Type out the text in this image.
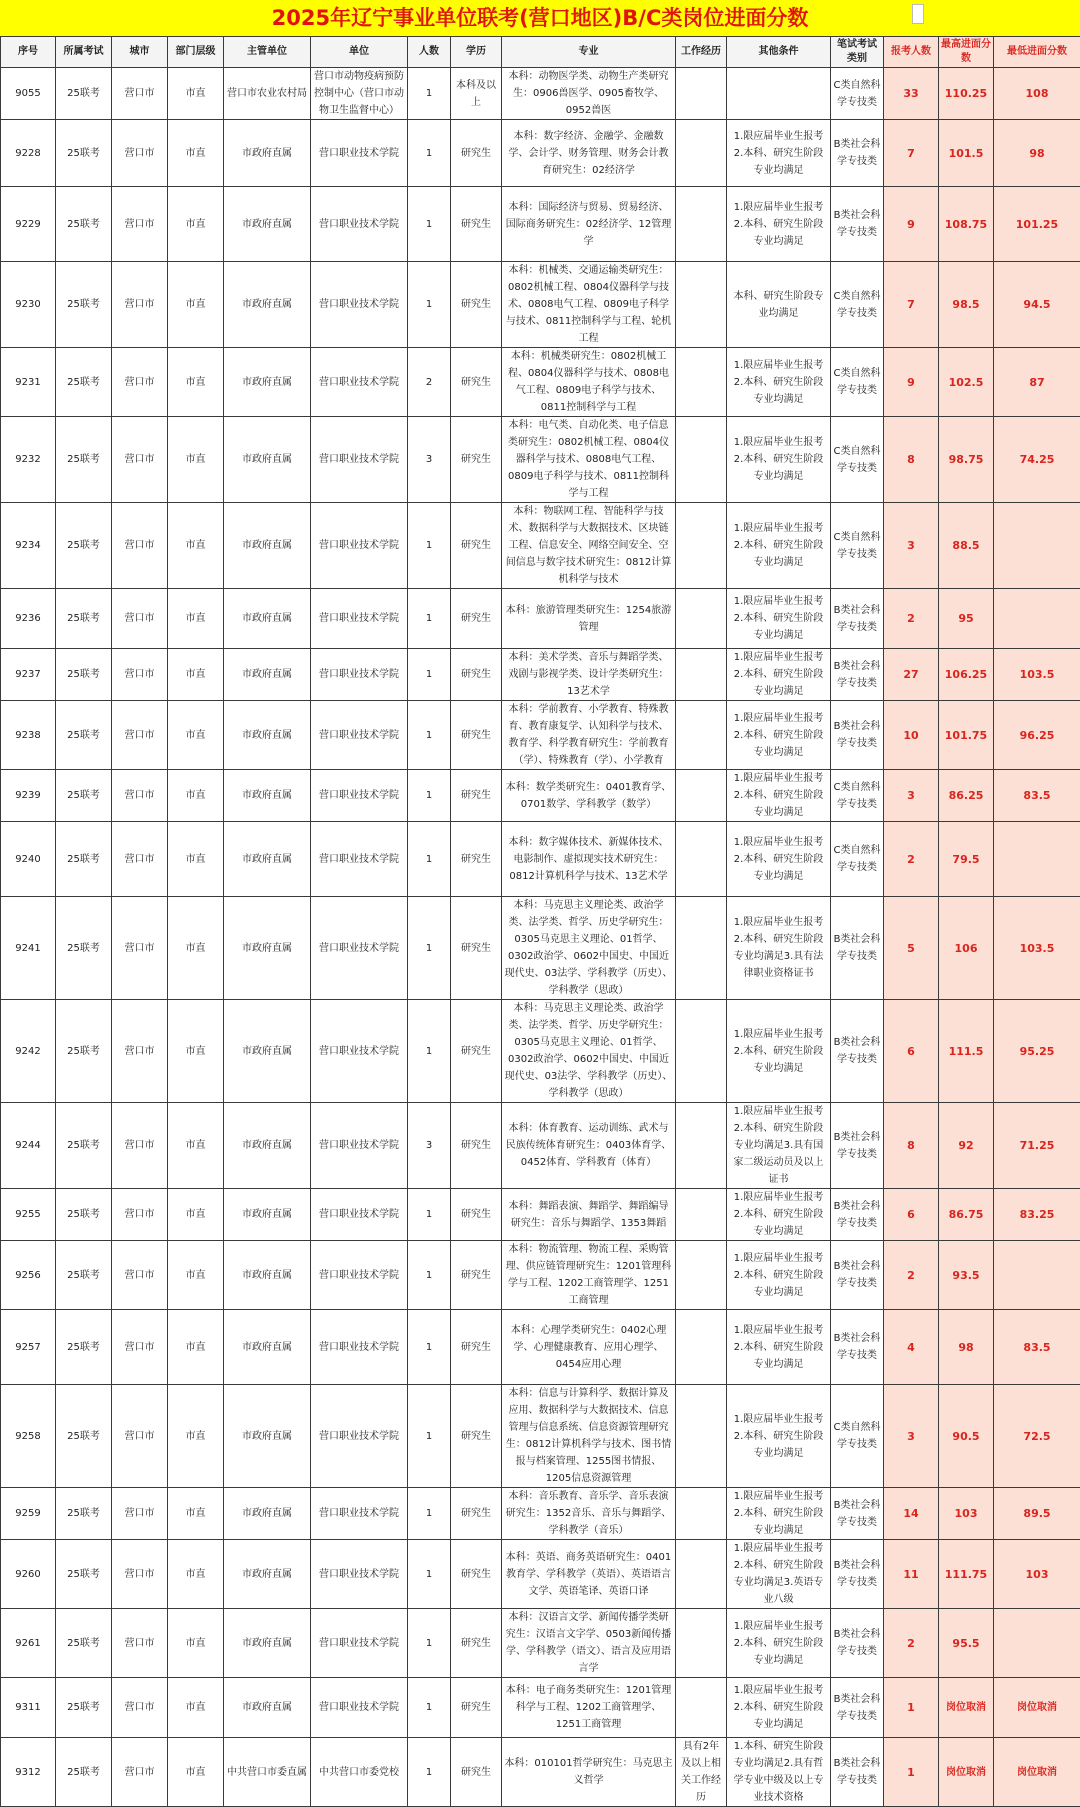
2025年辽宁事业单位联考(营口地区)B/C类岗位进面分数
序号	所属考试	城市	部门层级	主管单位	单位	人数	学历	专业	工作经历	其他条件	笔试考试类别	报考人数	最高进面分数	最低进面分数
9055	25联考	营口市	市直	营口市农业农村局	营口市动物疫病预防控制中心（营口市动物卫生监督中心）	1	本科及以上	本科：动物医学类、动物生产类研究生：0906兽医学、0905畜牧学、0952兽医			C类自然科学专技类	33	110.25	108
9228	25联考	营口市	市直	市政府直属	营口职业技术学院	1	研究生	本科：数字经济、金融学、金融数学、会计学、财务管理、财务会计教育研究生：02经济学		1.限应届毕业生报考2.本科、研究生阶段专业均满足	B类社会科学专技类	7	101.5	98
9229	25联考	营口市	市直	市政府直属	营口职业技术学院	1	研究生	本科：国际经济与贸易、贸易经济、国际商务研究生：02经济学、12管理学		1.限应届毕业生报考2.本科、研究生阶段专业均满足	B类社会科学专技类	9	108.75	101.25
9230	25联考	营口市	市直	市政府直属	营口职业技术学院	1	研究生	本科：机械类、交通运输类研究生：0802机械工程、0804仪器科学与技术、0808电气工程、0809电子科学与技术、0811控制科学与工程、轮机工程		本科、研究生阶段专业均满足	C类自然科学专技类	7	98.5	94.5
9231	25联考	营口市	市直	市政府直属	营口职业技术学院	2	研究生	本科：机械类研究生：0802机械工程、0804仪器科学与技术、0808电气工程、0809电子科学与技术、0811控制科学与工程		1.限应届毕业生报考2.本科、研究生阶段专业均满足	C类自然科学专技类	9	102.5	87
9232	25联考	营口市	市直	市政府直属	营口职业技术学院	3	研究生	本科：电气类、自动化类、电子信息类研究生：0802机械工程、0804仪器科学与技术、0808电气工程、0809电子科学与技术、0811控制科学与工程		1.限应届毕业生报考2.本科、研究生阶段专业均满足	C类自然科学专技类	8	98.75	74.25
9234	25联考	营口市	市直	市政府直属	营口职业技术学院	1	研究生	本科：物联网工程、智能科学与技术、数据科学与大数据技术、区块链工程、信息安全、网络空间安全、空间信息与数字技术研究生：0812计算机科学与技术		1.限应届毕业生报考2.本科、研究生阶段专业均满足	C类自然科学专技类	3	88.5	
9236	25联考	营口市	市直	市政府直属	营口职业技术学院	1	研究生	本科：旅游管理类研究生：1254旅游管理		1.限应届毕业生报考2.本科、研究生阶段专业均满足	B类社会科学专技类	2	95	
9237	25联考	营口市	市直	市政府直属	营口职业技术学院	1	研究生	本科：美术学类、音乐与舞蹈学类、戏剧与影视学类、设计学类研究生：13艺术学		1.限应届毕业生报考2.本科、研究生阶段专业均满足	B类社会科学专技类	27	106.25	103.5
9238	25联考	营口市	市直	市政府直属	营口职业技术学院	1	研究生	本科：学前教育、小学教育、特殊教育、教育康复学、认知科学与技术、教育学、科学教育研究生：学前教育（学）、特殊教育（学）、小学教育		1.限应届毕业生报考2.本科、研究生阶段专业均满足	B类社会科学专技类	10	101.75	96.25
9239	25联考	营口市	市直	市政府直属	营口职业技术学院	1	研究生	本科：数学类研究生：0401教育学、0701数学、学科教学（数学）		1.限应届毕业生报考2.本科、研究生阶段专业均满足	C类自然科学专技类	3	86.25	83.5
9240	25联考	营口市	市直	市政府直属	营口职业技术学院	1	研究生	本科：数字媒体技术、新媒体技术、电影制作、虚拟现实技术研究生：0812计算机科学与技术、13艺术学		1.限应届毕业生报考2.本科、研究生阶段专业均满足	C类自然科学专技类	2	79.5	
9241	25联考	营口市	市直	市政府直属	营口职业技术学院	1	研究生	本科：马克思主义理论类、政治学类、法学类、哲学、历史学研究生：0305马克思主义理论、01哲学、0302政治学、0602中国史、中国近现代史、03法学、学科教学（历史）、学科教学（思政）		1.限应届毕业生报考2.本科、研究生阶段专业均满足3.具有法律职业资格证书	B类社会科学专技类	5	106	103.5
9242	25联考	营口市	市直	市政府直属	营口职业技术学院	1	研究生	本科：马克思主义理论类、政治学类、法学类、哲学、历史学研究生：0305马克思主义理论、01哲学、0302政治学、0602中国史、中国近现代史、03法学、学科教学（历史）、学科教学（思政）		1.限应届毕业生报考2.本科、研究生阶段专业均满足	B类社会科学专技类	6	111.5	95.25
9244	25联考	营口市	市直	市政府直属	营口职业技术学院	3	研究生	本科：体育教育、运动训练、武术与民族传统体育研究生：0403体育学、0452体育、学科教育（体育）		1.限应届毕业生报考2.本科、研究生阶段专业均满足3.具有国家二级运动员及以上证书	B类社会科学专技类	8	92	71.25
9255	25联考	营口市	市直	市政府直属	营口职业技术学院	1	研究生	本科：舞蹈表演、舞蹈学、舞蹈编导研究生：音乐与舞蹈学、1353舞蹈		1.限应届毕业生报考2.本科、研究生阶段专业均满足	B类社会科学专技类	6	86.75	83.25
9256	25联考	营口市	市直	市政府直属	营口职业技术学院	1	研究生	本科：物流管理、物流工程、采购管理、供应链管理研究生：1201管理科学与工程、1202工商管理学、1251工商管理		1.限应届毕业生报考2.本科、研究生阶段专业均满足	B类社会科学专技类	2	93.5	
9257	25联考	营口市	市直	市政府直属	营口职业技术学院	1	研究生	本科：心理学类研究生：0402心理学、心理健康教育、应用心理学、0454应用心理		1.限应届毕业生报考2.本科、研究生阶段专业均满足	B类社会科学专技类	4	98	83.5
9258	25联考	营口市	市直	市政府直属	营口职业技术学院	1	研究生	本科：信息与计算科学、数据计算及应用、数据科学与大数据技术、信息管理与信息系统、信息资源管理研究生：0812计算机科学与技术、图书情报与档案管理、1255图书情报、1205信息资源管理		1.限应届毕业生报考2.本科、研究生阶段专业均满足	C类自然科学专技类	3	90.5	72.5
9259	25联考	营口市	市直	市政府直属	营口职业技术学院	1	研究生	本科：音乐教育、音乐学、音乐表演研究生：1352音乐、音乐与舞蹈学、学科教学（音乐）		1.限应届毕业生报考2.本科、研究生阶段专业均满足	B类社会科学专技类	14	103	89.5
9260	25联考	营口市	市直	市政府直属	营口职业技术学院	1	研究生	本科：英语、商务英语研究生：0401教育学、学科教学（英语）、英语语言文学、英语笔译、英语口译		1.限应届毕业生报考2.本科、研究生阶段专业均满足3.英语专业八级	B类社会科学专技类	11	111.75	103
9261	25联考	营口市	市直	市政府直属	营口职业技术学院	1	研究生	本科：汉语言文学、新闻传播学类研究生：汉语言文字学、0503新闻传播学、学科教学（语文）、语言及应用语言学		1.限应届毕业生报考2.本科、研究生阶段专业均满足	B类社会科学专技类	2	95.5	
9311	25联考	营口市	市直	市政府直属	营口职业技术学院	1	研究生	本科：电子商务类研究生：1201管理科学与工程、1202工商管理学、1251工商管理		1.限应届毕业生报考2.本科、研究生阶段专业均满足	B类社会科学专技类	1	岗位取消	岗位取消
9312	25联考	营口市	市直	中共营口市委直属	中共营口市委党校	1	研究生	本科：010101哲学研究生：马克思主义哲学	具有2年及以上相关工作经历	1.本科、研究生阶段专业均满足2.具有哲学专业中级及以上专业技术资格	B类社会科学专技类	1	岗位取消	岗位取消
